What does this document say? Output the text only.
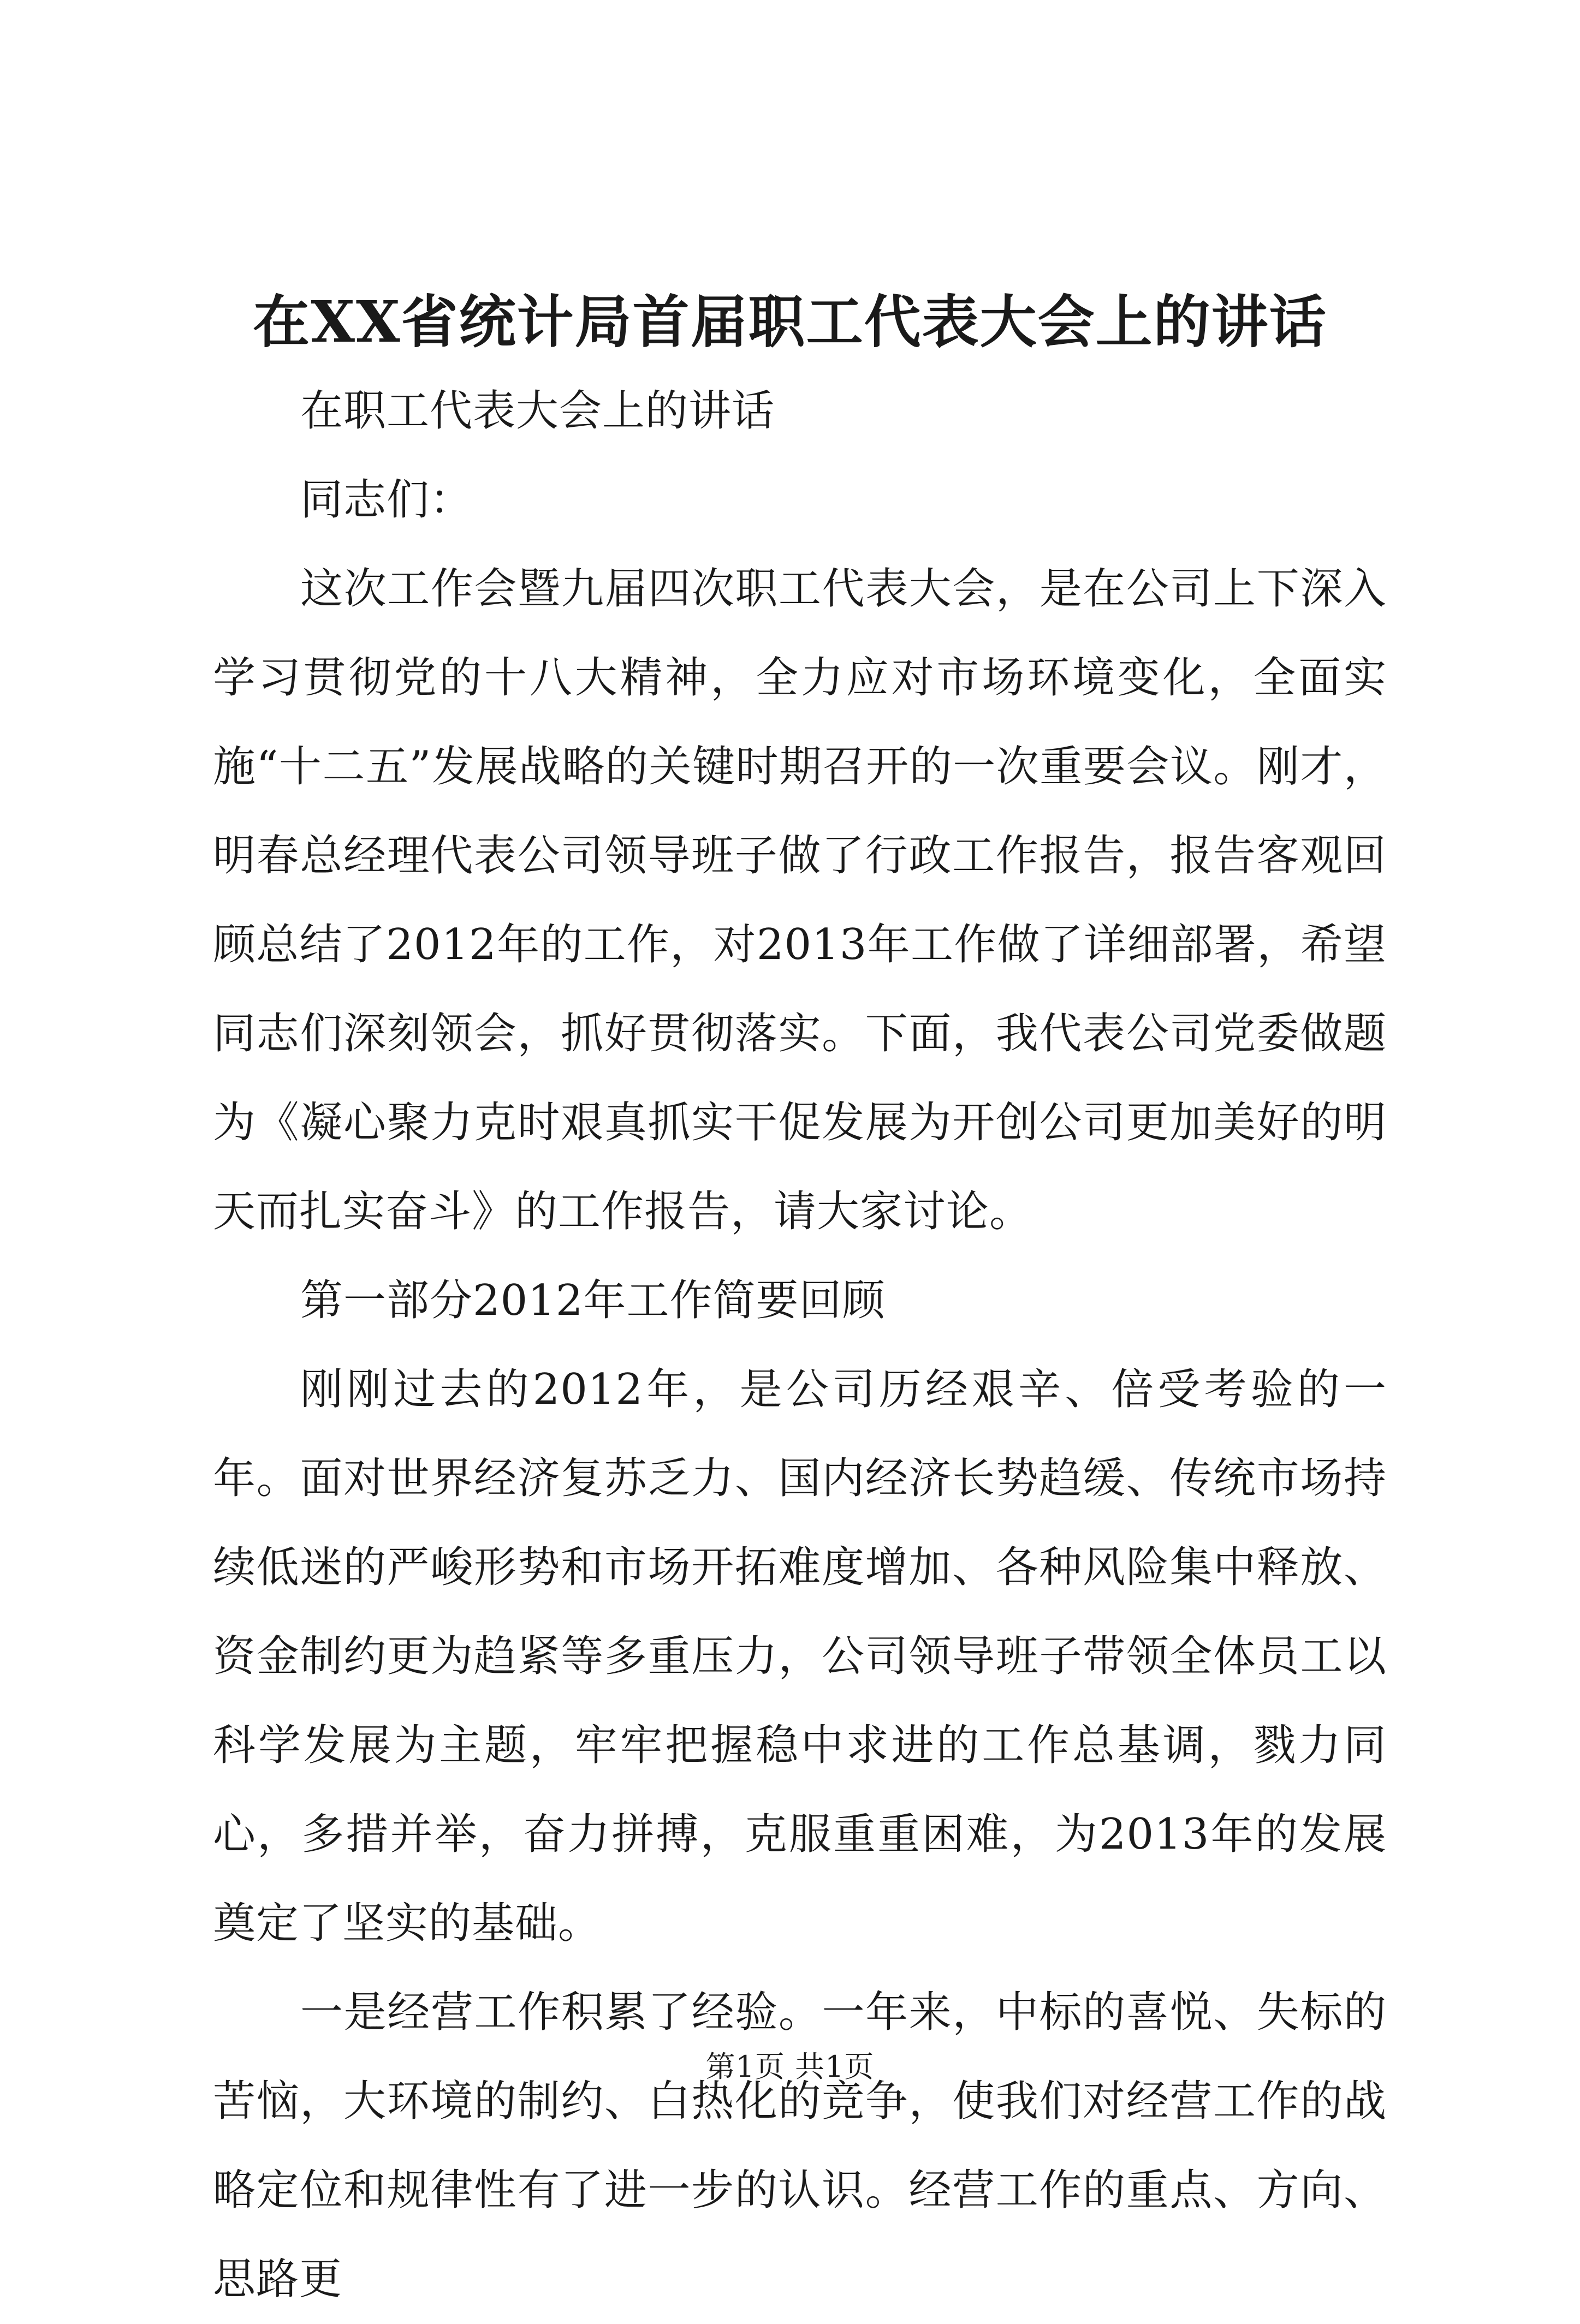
在XX省统计局首届职工代表大会上的讲话

在职工代表大会上的讲话

同志们：

这次工作会暨九届四次职工代表大会，是在公司上下深入学习贯彻党的十八大精神，全力应对市场环境变化，全面实施“十二五”发展战略的关键时期召开的一次重要会议。刚才，明春总经理代表公司领导班子做了行政工作报告，报告客观回顾总结了2012年的工作，对2013年工作做了详细部署，希望同志们深刻领会，抓好贯彻落实。下面，我代表公司党委做题为《凝心聚力克时艰真抓实干促发展为开创公司更加美好的明天而扎实奋斗》的工作报告，请大家讨论。

第一部分2012年工作简要回顾

刚刚过去的2012年，是公司历经艰辛、倍受考验的一年。面对世界经济复苏乏力、国内经济长势趋缓、传统市场持续低迷的严峻形势和市场开拓难度增加、各种风险集中释放、资金制约更为趋紧等多重压力，公司领导班子带领全体员工以科学发展为主题，牢牢把握稳中求进的工作总基调，戮力同心，多措并举，奋力拼搏，克服重重困难，为2013年的发展奠定了坚实的基础。

一是经营工作积累了经验。一年来，中标的喜悦、失标的苦恼，大环境的制约、白热化的竞争，使我们对经营工作的战略定位和规律性有了进一步的认识。经营工作的重点、方向、思路更

第1页 共1页
